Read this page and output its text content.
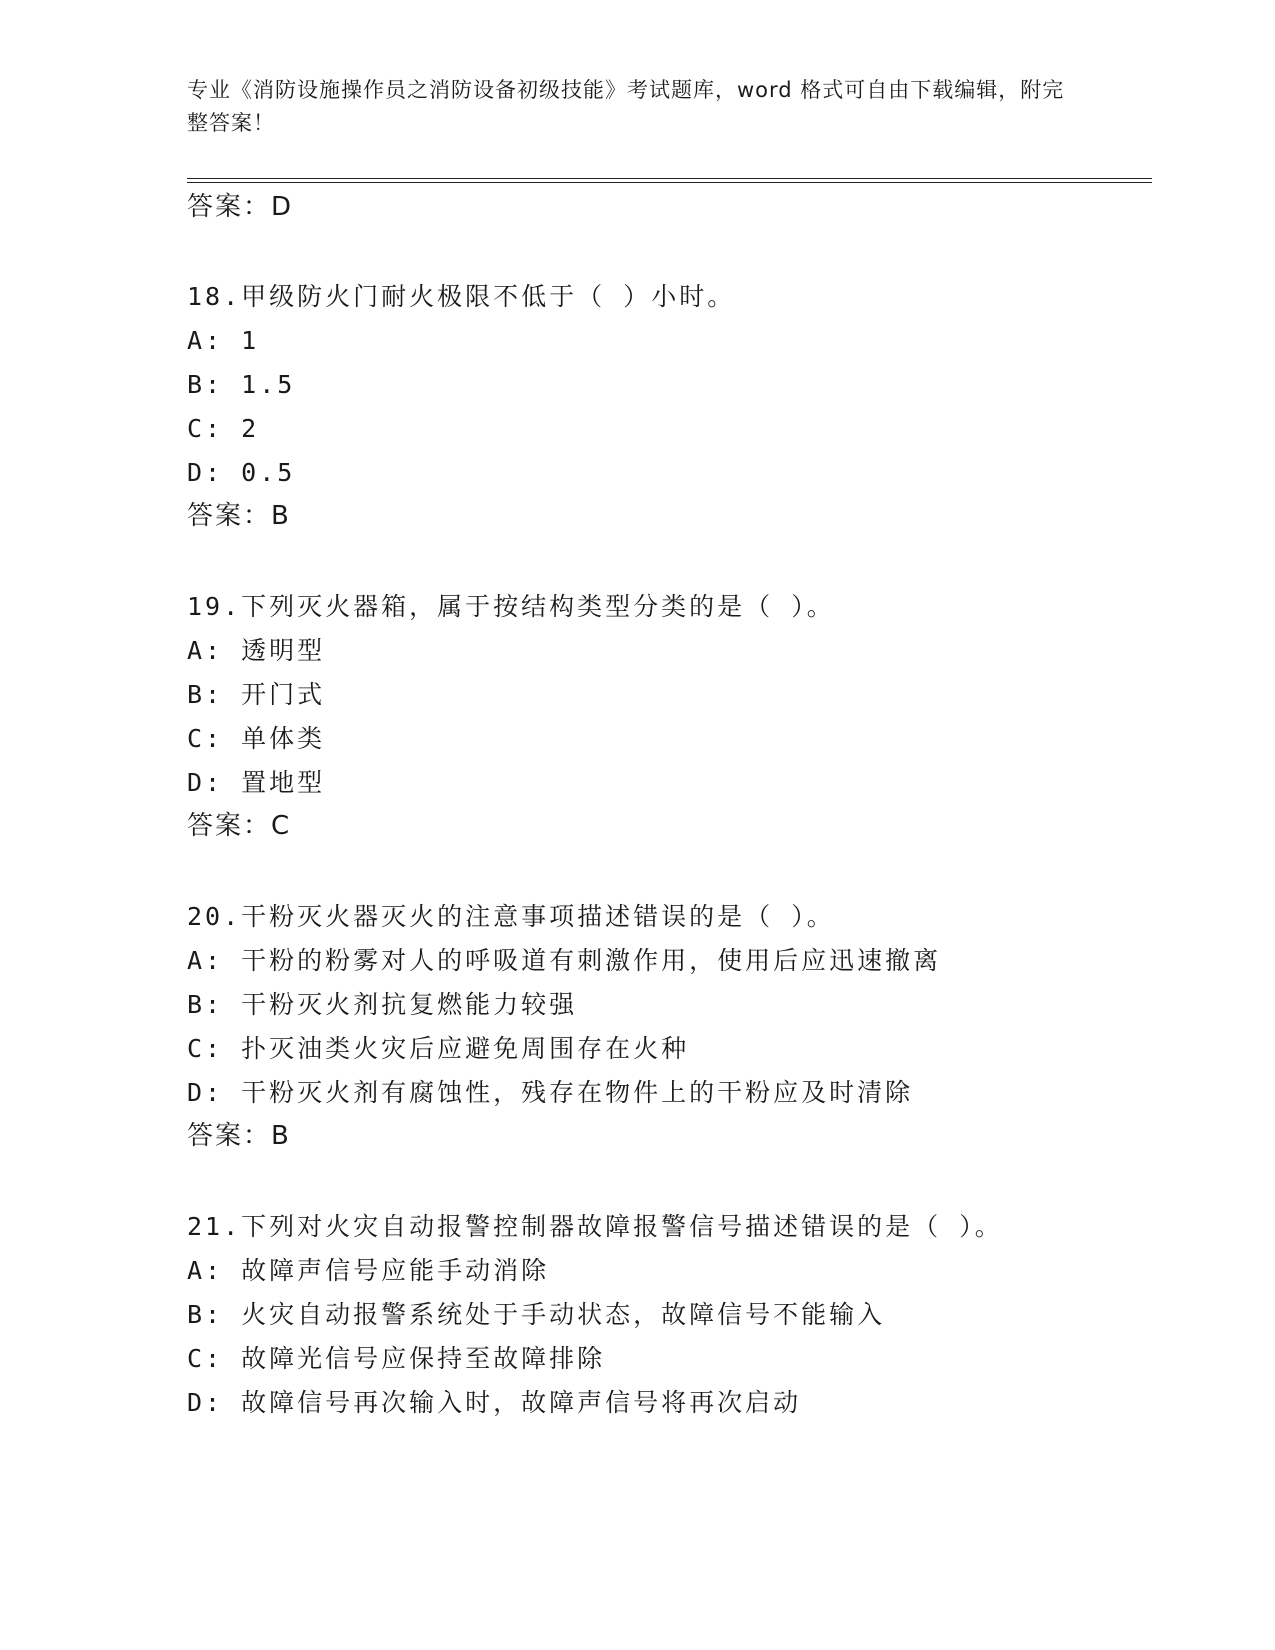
专业《消防设施操作员之消防设备初级技能》考试题库，word 格式可自由下载编辑，附完整答案！
答案：D
18.甲级防火门耐火极限不低于（ ）小时。
A: 1
B: 1.5
C: 2
D: 0.5
答案：B
19.下列灭火器箱，属于按结构类型分类的是（ ）。
A: 透明型
B: 开门式
C: 单体类
D: 置地型
答案：C
20.干粉灭火器灭火的注意事项描述错误的是（ ）。
A: 干粉的粉雾对人的呼吸道有刺激作用，使用后应迅速撤离
B: 干粉灭火剂抗复燃能力较强
C: 扑灭油类火灾后应避免周围存在火种
D: 干粉灭火剂有腐蚀性，残存在物件上的干粉应及时清除
答案：B
21.下列对火灾自动报警控制器故障报警信号描述错误的是（ ）。
A: 故障声信号应能手动消除
B: 火灾自动报警系统处于手动状态，故障信号不能输入
C: 故障光信号应保持至故障排除
D: 故障信号再次输入时，故障声信号将再次启动
